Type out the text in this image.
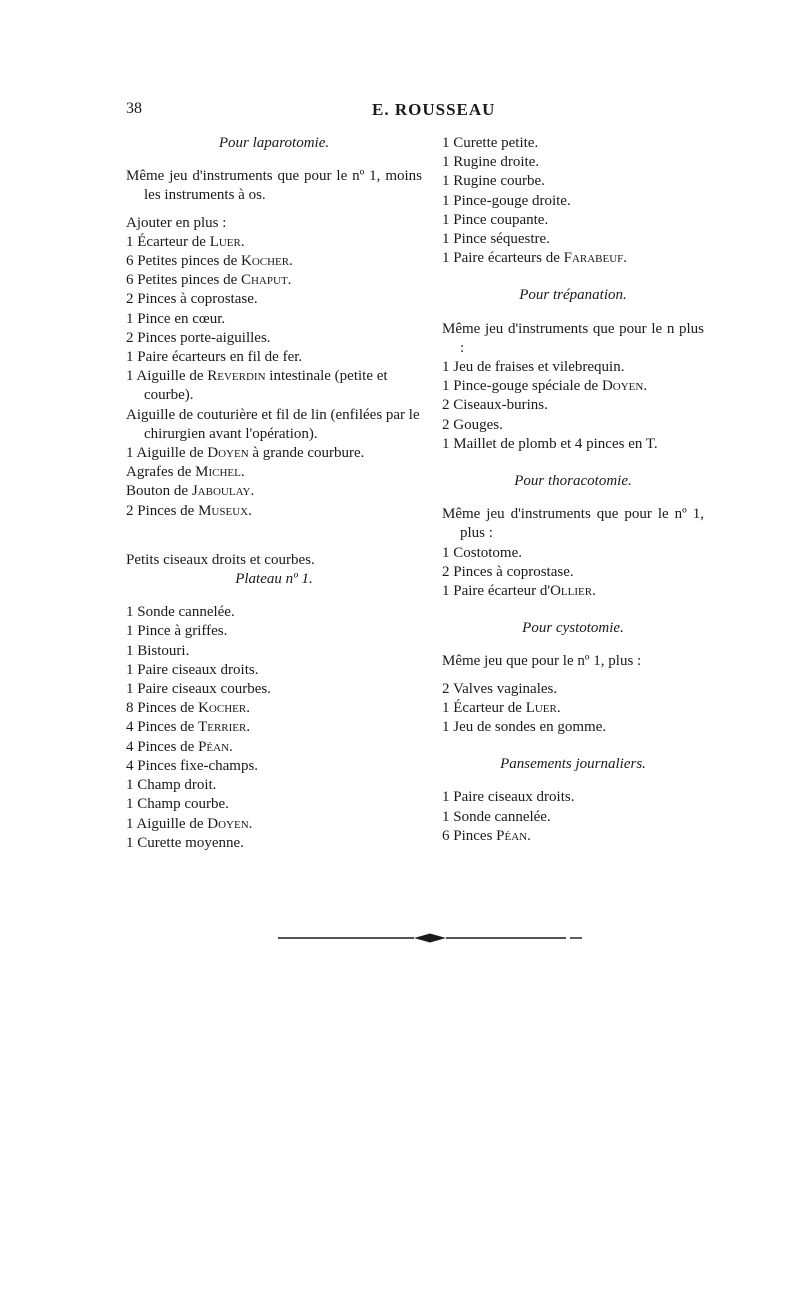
38	E. ROUSSEAU
Pour laparotomie.
Même jeu d'instruments que pour le nº 1, moins les instruments à os.
Ajouter en plus :
1 Écarteur de Luer.
6 Petites pinces de Kocher.
6 Petites pinces de Chaput.
2 Pinces à coprostase.
1 Pince en cœur.
2 Pinces porte-aiguilles.
1 Paire écarteurs en fil de fer.
1 Aiguille de Reverdin intestinale (petite et courbe).
Aiguille de couturière et fil de lin (enfilées par le chirurgien avant l'opération).
1 Aiguille de Doyen à grande courbure.
Agrafes de Michel.
Bouton de Jaboulay.
2 Pinces de Museux.
Petits ciseaux droits et courbes.
Plateau nº 1.
1 Sonde cannelée.
1 Pince à griffes.
1 Bistouri.
1 Paire ciseaux droits.
1 Paire ciseaux courbes.
8 Pinces de Kocher.
4 Pinces de Terrier.
4 Pinces de Péan.
4 Pinces fixe-champs.
1 Champ droit.
1 Champ courbe.
1 Aiguille de Doyen.
1 Curette moyenne.
1 Curette petite.
1 Rugine droite.
1 Rugine courbe.
1 Pince-gouge droite.
1 Pince coupante.
1 Pince séquestre.
1 Paire écarteurs de Farabeuf.
Pour trépanation.
Même jeu d'instruments que pour le n plus :
1 Jeu de fraises et vilebrequin.
1 Pince-gouge spéciale de Doyen.
2 Ciseaux-burins.
2 Gouges.
1 Maillet de plomb et 4 pinces en T.
Pour thoracotomie.
Même jeu d'instruments que pour le nº 1, plus :
1 Costotome.
2 Pinces à coprostase.
1 Paire écarteur d'Ollier.
Pour cystotomie.
Même jeu que pour le nº 1, plus :
2 Valves vaginales.
1 Écarteur de Luer.
1 Jeu de sondes en gomme.
Pansements journaliers.
1 Paire ciseaux droits.
1 Sonde cannelée.
6 Pinces Péan.
